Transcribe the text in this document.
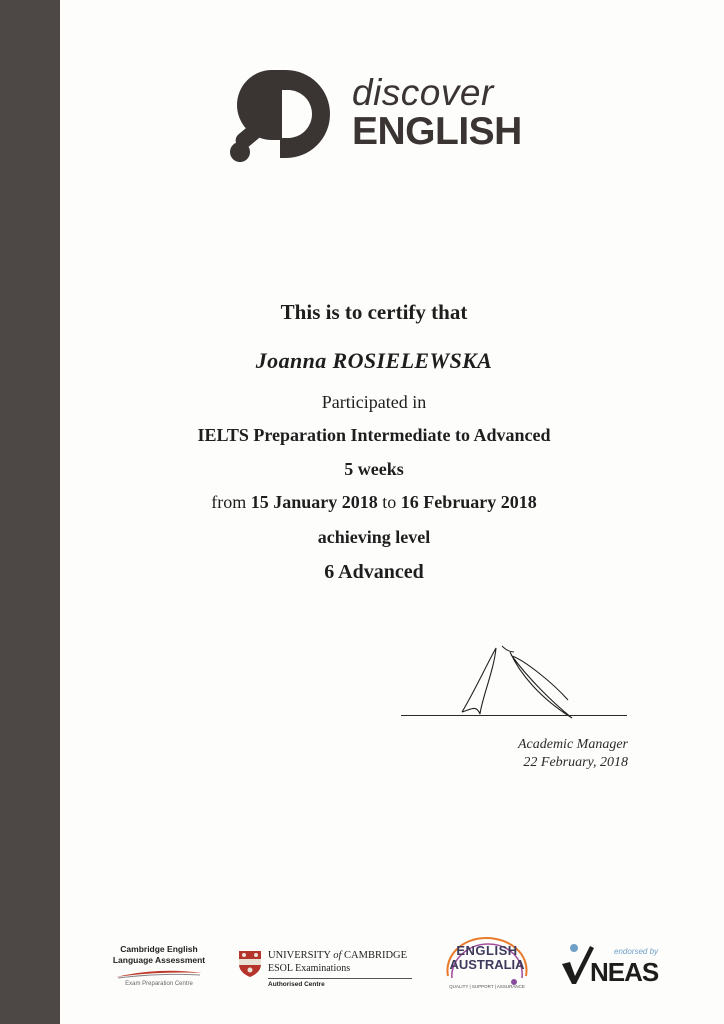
discover
ENGLISH
This is to certify that
Joanna ROSIELEWSKA
Participated in
IELTS Preparation Intermediate to Advanced
5 weeks
from 15 January 2018 to 16 February 2018
achieving level
6 Advanced
Academic Manager
22 February, 2018
Cambridge English
Language Assessment
Exam Preparation Centre
UNIVERSITY of CAMBRIDGE
ESOL Examinations
Authorised Centre
ENGLISH
AUSTRALIA
QUALITY | SUPPORT | ASSURANCE
endorsed by
NEAS
